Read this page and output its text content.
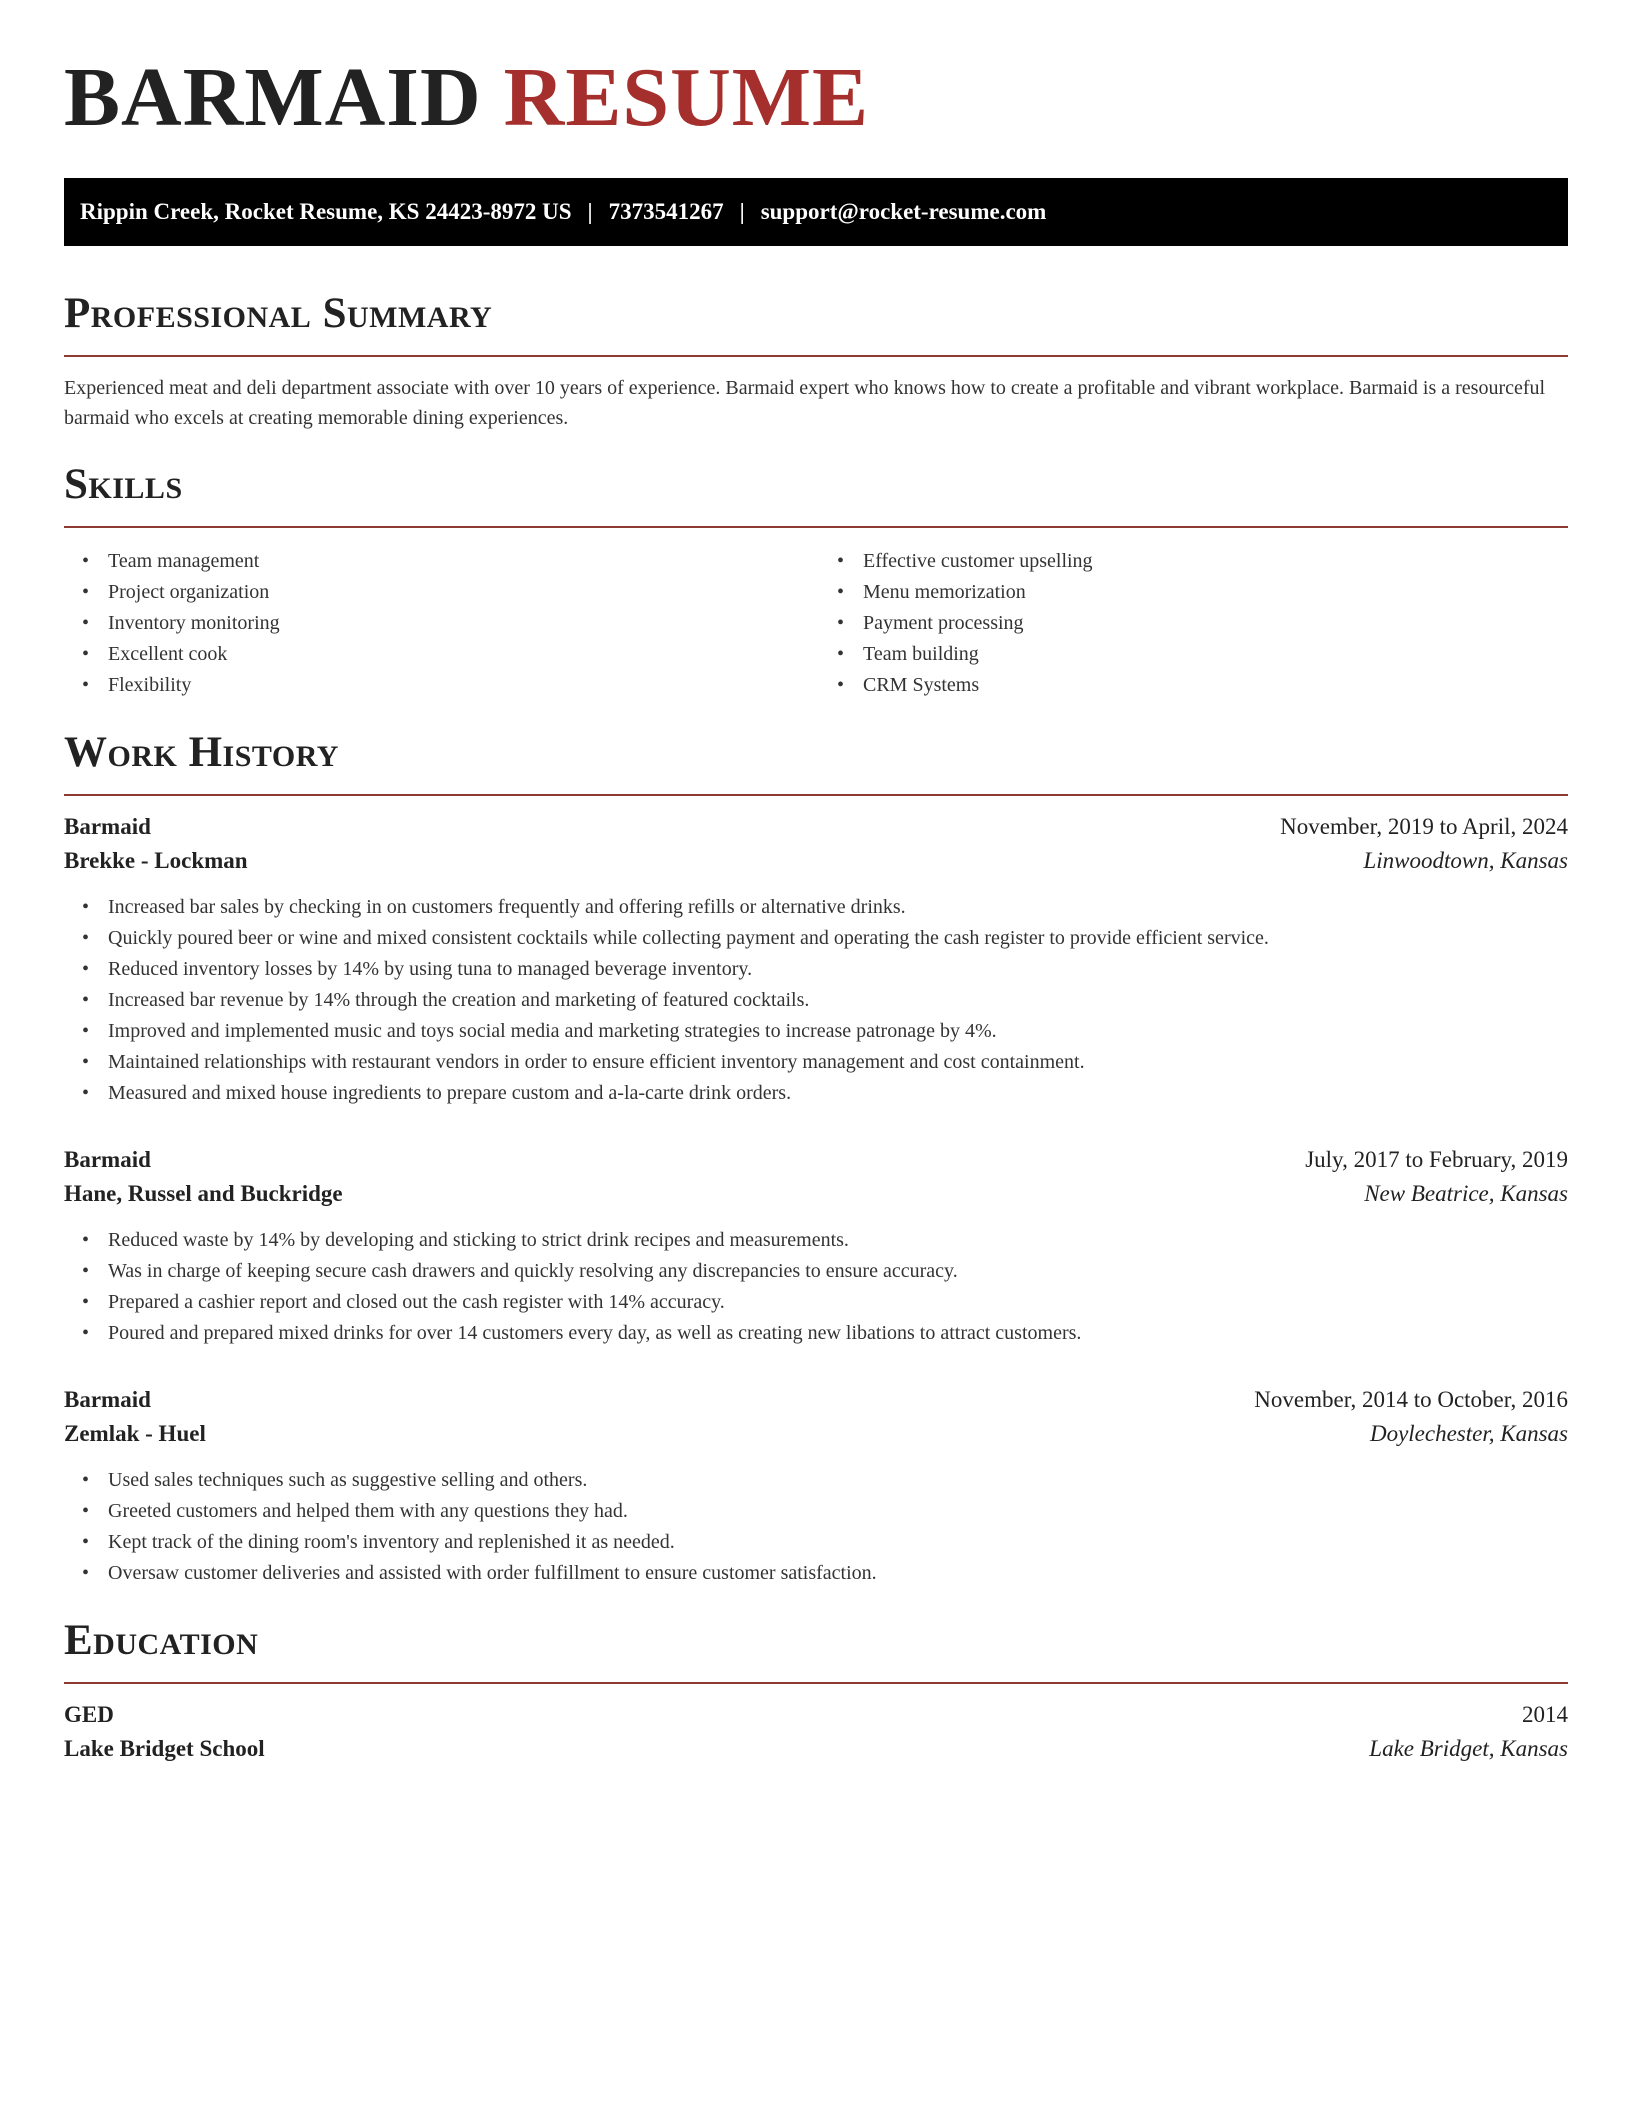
BARMAID RESUME
Rippin Creek, Rocket Resume, KS 24423-8972 US | 7373541267 | support@rocket-resume.com
Professional Summary

Experienced meat and deli department associate with over 10 years of experience. Barmaid expert who knows how to create a profitable and vibrant workplace. Barmaid is a resourceful barmaid who excels at creating memorable dining experiences.

Skills
• Team management
• Project organization
• Inventory monitoring
• Excellent cook
• Flexibility
• Effective customer upselling
• Menu memorization
• Payment processing
• Team building
• CRM Systems
Work History
Barmaid	November, 2019 to April, 2024
Brekke - Lockman	Linwoodtown, Kansas
• Increased bar sales by checking in on customers frequently and offering refills or alternative drinks.
• Quickly poured beer or wine and mixed consistent cocktails while collecting payment and operating the cash register to provide efficient service.
• Reduced inventory losses by 14% by using tuna to managed beverage inventory.
• Increased bar revenue by 14% through the creation and marketing of featured cocktails.
• Improved and implemented music and toys social media and marketing strategies to increase patronage by 4%.
• Maintained relationships with restaurant vendors in order to ensure efficient inventory management and cost containment.
• Measured and mixed house ingredients to prepare custom and a-la-carte drink orders.
Barmaid	July, 2017 to February, 2019
Hane, Russel and Buckridge	New Beatrice, Kansas
• Reduced waste by 14% by developing and sticking to strict drink recipes and measurements.
• Was in charge of keeping secure cash drawers and quickly resolving any discrepancies to ensure accuracy.
• Prepared a cashier report and closed out the cash register with 14% accuracy.
• Poured and prepared mixed drinks for over 14 customers every day, as well as creating new libations to attract customers.
Barmaid	November, 2014 to October, 2016
Zemlak - Huel	Doylechester, Kansas
• Used sales techniques such as suggestive selling and others.
• Greeted customers and helped them with any questions they had.
• Kept track of the dining room's inventory and replenished it as needed.
• Oversaw customer deliveries and assisted with order fulfillment to ensure customer satisfaction.
Education
GED	2014
Lake Bridget School	Lake Bridget, Kansas
